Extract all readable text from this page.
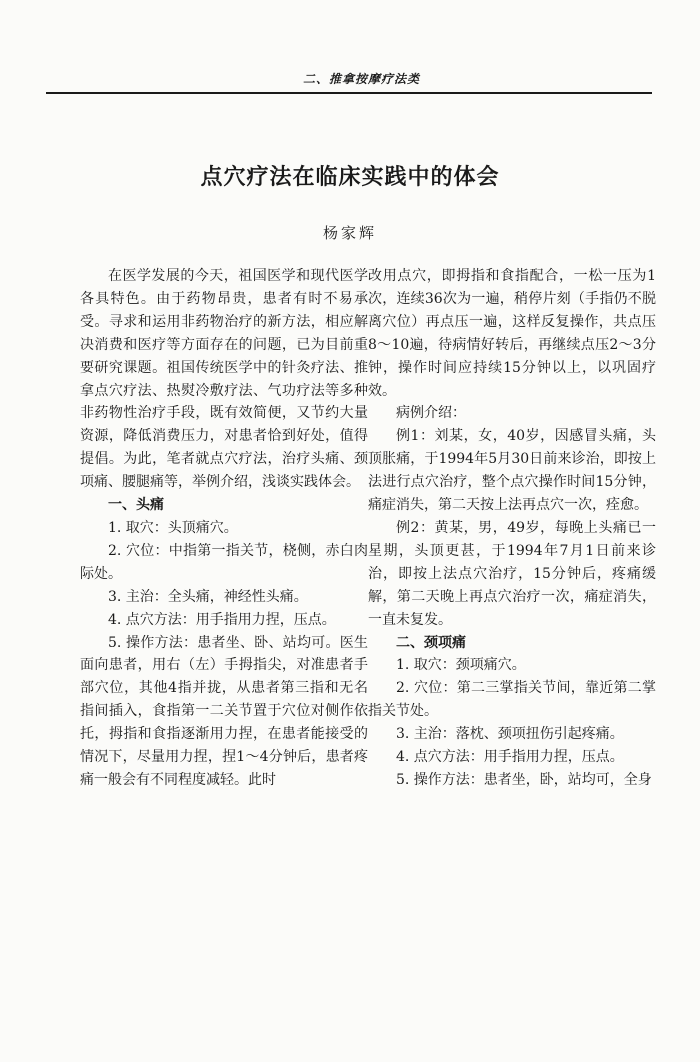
二、推拿按摩疗法类
点穴疗法在临床实践中的体会
杨家辉

在医学发展的今天，祖国医学和现代医学各具特色。由于药物昂贵，患者有时不易承受。寻求和运用非药物治疗的新方法，相应解决消费和医疗等方面存在的问题，已为目前重要研究课题。祖国传统医学中的针灸疗法、推拿点穴疗法、热熨冷敷疗法、气功疗法等多种非药物性治疗手段，既有效简便，又节约大量资源，降低消费压力，对患者恰到好处，值得提倡。为此，笔者就点穴疗法，治疗头痛、颈项痛、腰腿痛等，举例介绍，浅谈实践体会。

一、头痛

1. 取穴：头顶痛穴。

2. 穴位：中指第一指关节，桡侧，赤白肉际处。

3. 主治：全头痛，神经性头痛。

4. 点穴方法：用手指用力捏，压点。

5. 操作方法：患者坐、卧、站均可。医生面向患者，用右（左）手拇指尖，对准患者手部穴位，其他4指并拢，从患者第三指和无名指间插入，食指第一二关节置于穴位对侧作依托，拇指和食指逐渐用力捏，在患者能接受的情况下，尽量用力捏，捏1～4分钟后，患者疼痛一般会有不同程度减轻。此时

改用点穴，即拇指和食指配合，一松一压为1次，连续36次为一遍，稍停片刻（手指仍不脱离穴位）再点压一遍，这样反复操作，共点压8～10遍，待病情好转后，再继续点压2～3分钟，操作时间应持续15分钟以上，以巩固疗效。

病例介绍：

例1：刘某，女，40岁，因感冒头痛，头顶胀痛，于1994年5月30日前来诊治，即按上法进行点穴治疗，整个点穴操作时间15分钟，痛症消失，第二天按上法再点穴一次，痊愈。

例2：黄某，男，49岁，每晚上头痛已一星期，头顶更甚，于1994年7月1日前来诊治，即按上法点穴治疗，15分钟后，疼痛缓解，第二天晚上再点穴治疗一次，痛症消失，一直未复发。

二、颈项痛

1. 取穴：颈项痛穴。

2. 穴位：第二三掌指关节间，靠近第二掌指关节处。

3. 主治：落枕、颈项扭伤引起疼痛。

4. 点穴方法：用手指用力捏，压点。

5. 操作方法：患者坐，卧，站均可，全身
